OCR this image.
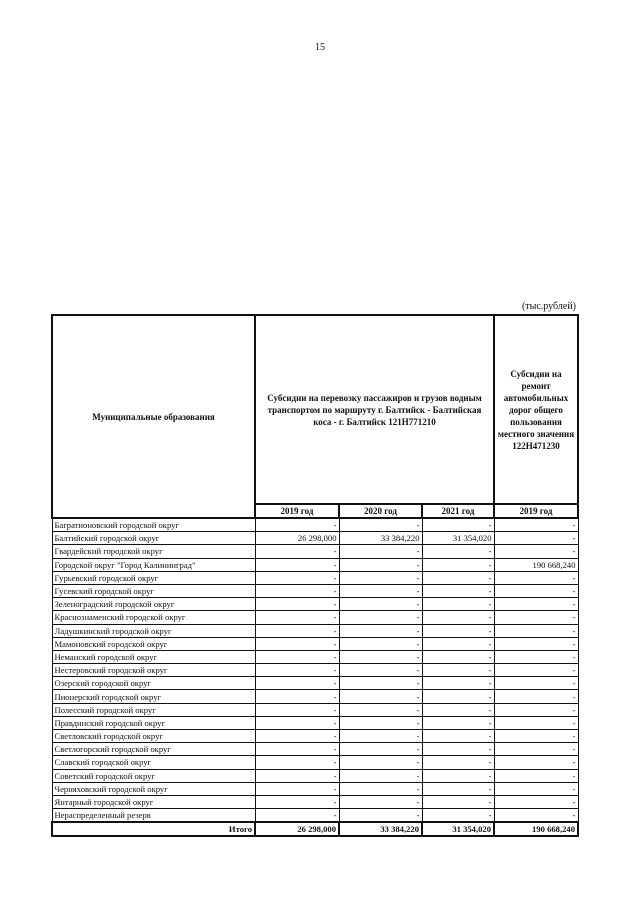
15
(тыс.рублей)
Муниципальные образования	Субсидии на перевозку пассажиров и грузов водным транспортом по маршруту г. Балтийск - Балтийская коса - г. Балтийск 121Н771210			Субсидии на ремонт автомобильных дорог общего пользования местного значения 122Н471230
	2019 год	2020 год	2021 год	2019 год
Багратионовский городской округ	-	-	-	-
Балтийский городской округ	26 298,000	33 384,220	31 354,020	-
Гвардейский городской округ	-	-	-	-
Городской округ "Город Калининград"	-	-	-	190 668,240
Гурьевский городской округ	-	-	-	-
Гусевский городской округ	-	-	-	-
Зеленоградский городской округ	-	-	-	-
Краснознаменский городской округ	-	-	-	-
Ладушкинский городской округ	-	-	-	-
Мамоновский городской округ	-	-	-	-
Неманский городской округ	-	-	-	-
Нестеровский городской округ	-	-	-	-
Озерский городской округ	-	-	-	-
Пионерский городской округ	-	-	-	-
Полесский городской округ	-	-	-	-
Правдинский городской округ	-	-	-	-
Светловский городской округ	-	-	-	-
Светлогорский городской округ	-	-	-	-
Славский городской округ	-	-	-	-
Советский городской округ	-	-	-	-
Черняховский городской округ	-	-	-	-
Янтарный городской округ	-	-	-	-
Нераспределенный резерв	-	-	-	-
Итого	26 298,000	33 384,220	31 354,020	190 668,240
